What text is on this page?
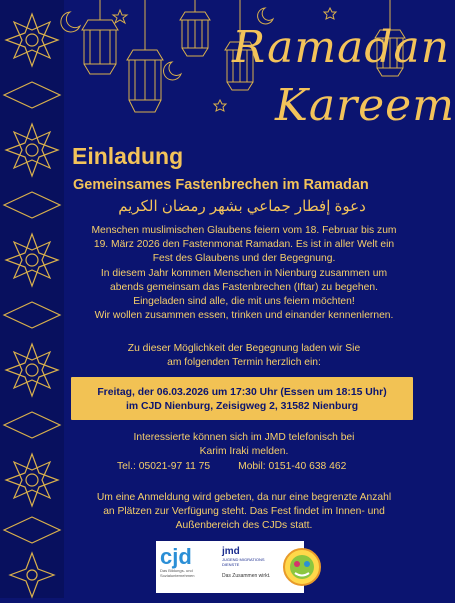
Ramadan
Kareem
Einladung
Gemeinsames Fastenbrechen im Ramadan
دعوة إفطار جماعي بشهر رمضان الكريم

Menschen muslimischen Glaubens feiern vom 18. Februar bis zum

19. März 2026 den Fastenmonat Ramadan. Es ist in aller Welt ein

Fest des Glaubens und der Begegnung.

In diesem Jahr kommen Menschen in Nienburg zusammen um

abends gemeinsam das Fastenbrechen (Iftar) zu begehen.

Eingeladen sind alle, die mit uns feiern möchten!

Wir wollen zusammen essen, trinken und einander kennenlernen.

Zu dieser Möglichkeit der Begegnung laden wir Sie

am folgenden Termin herzlich ein:

Freitag, der 06.03.2026 um 17:30 Uhr (Essen um 18:15 Uhr)

im CJD Nienburg, Zeisigweg 2, 31582 Nienburg

Interessierte können sich im JMD telefonisch bei

Karim Iraki melden.

Tel.: 05021-97 11 75	Mobil: 0151-40 638 462

Um eine Anmeldung wird gebeten, da nur eine begrenzte Anzahl

an Plätzen zur Verfügung steht. Das Fest findet im Innen- und

Außenbereich des CJDs statt.

cjd
Das Bildungs- und Sozialunternehmen
jmd
JUGEND MIGRATIONS DIENSTE
Das Zusammen wirkt.
